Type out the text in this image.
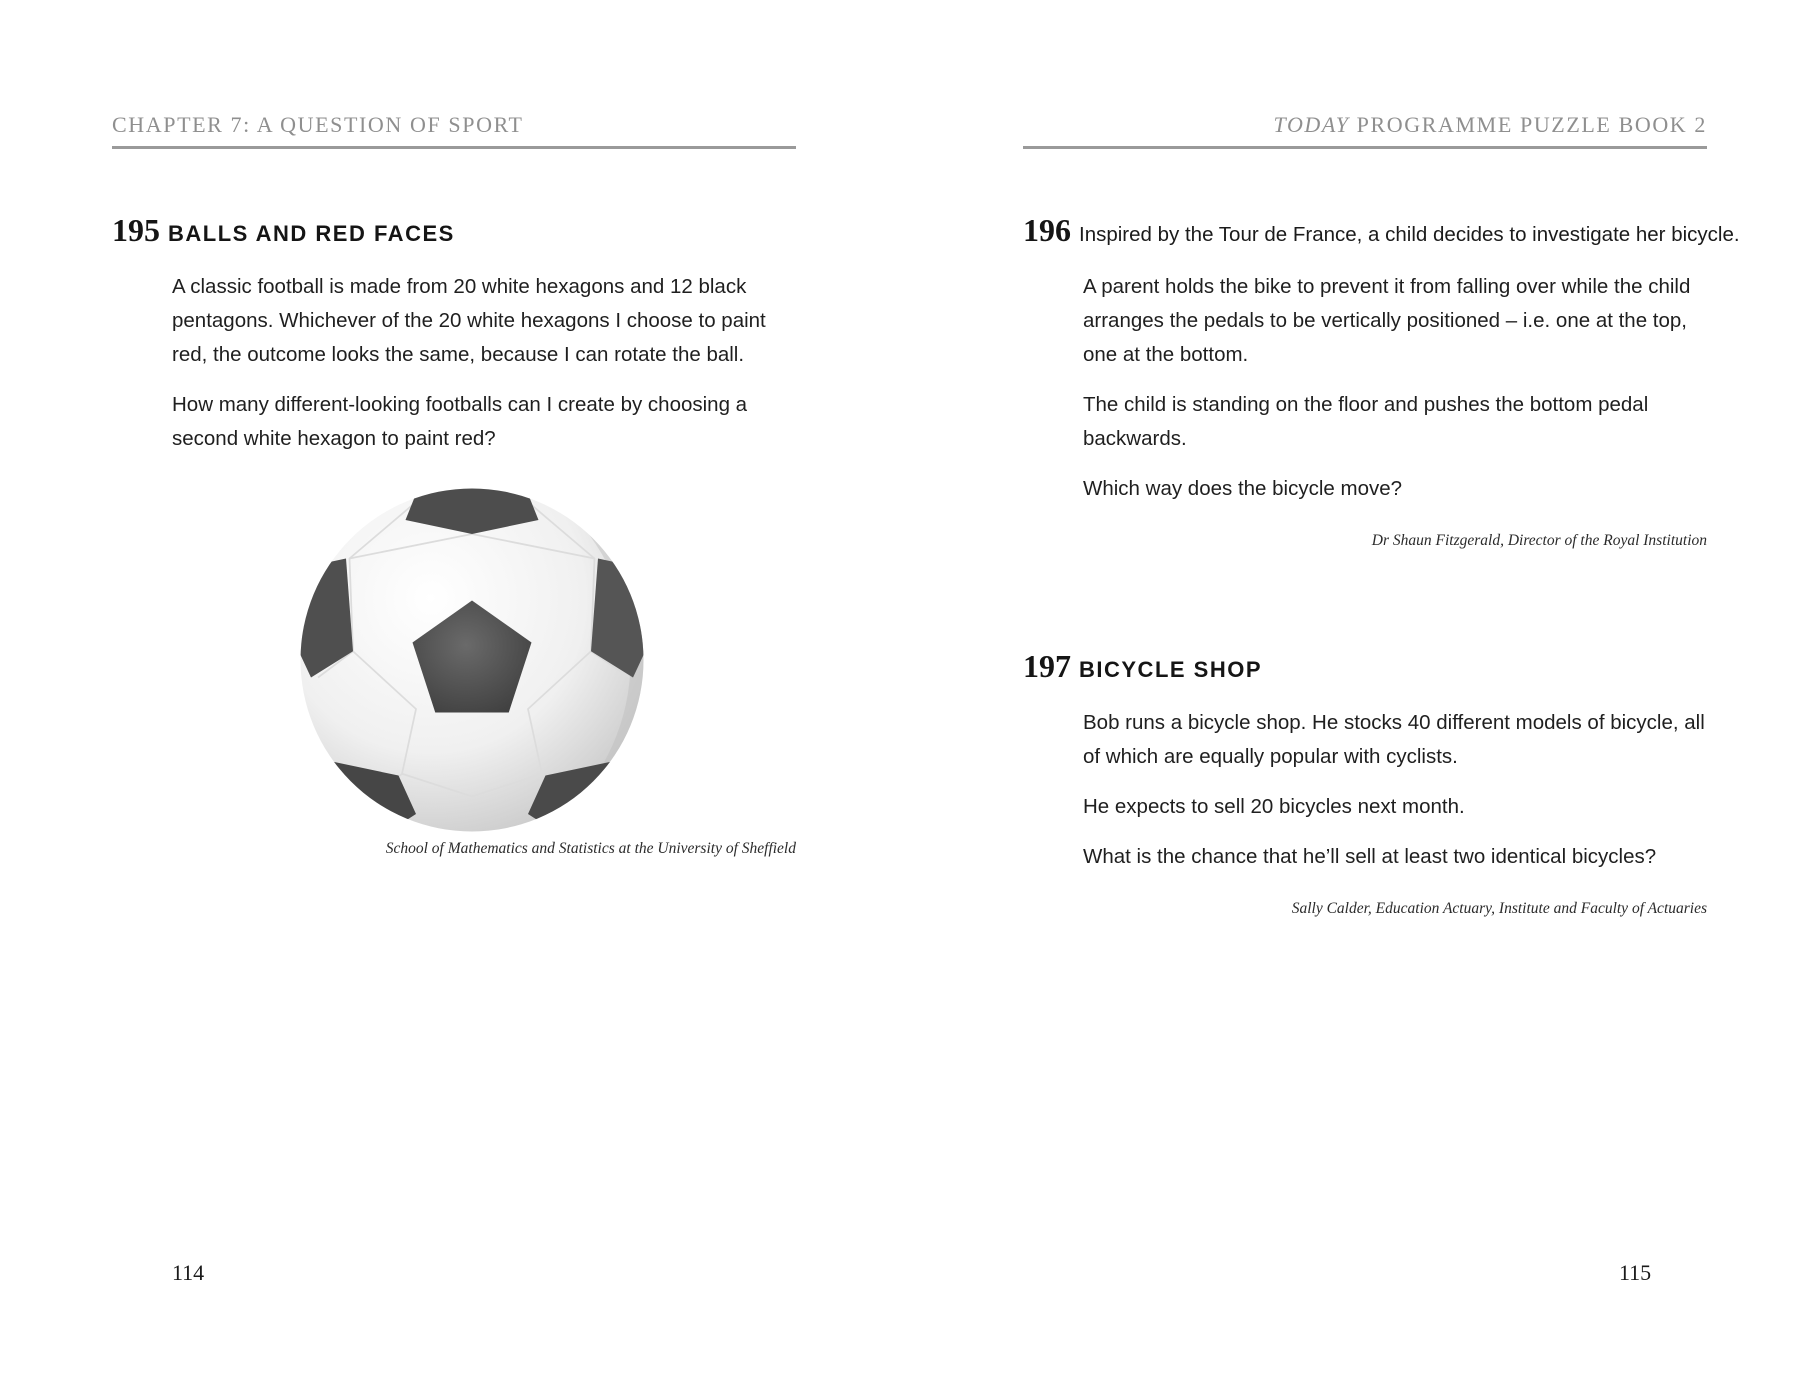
CHAPTER 7: A QUESTION OF SPORT
195 BALLS AND RED FACES

A classic football is made from 20 white hexagons and 12 black pentagons. Whichever of the 20 white hexagons I choose to paint red, the outcome looks the same, because I can rotate the ball.

How many different-looking footballs can I create by choosing a second white hexagon to paint red?

School of Mathematics and Statistics at the University of Sheffield
114
TODAY PROGRAMME PUZZLE BOOK 2
196 Inspired by the Tour de France, a child decides to investigate her bicycle.

A parent holds the bike to prevent it from falling over while the child arranges the pedals to be vertically positioned – i.e. one at the top, one at the bottom.

The child is standing on the floor and pushes the bottom pedal backwards.

Which way does the bicycle move?

Dr Shaun Fitzgerald, Director of the Royal Institution
197 BICYCLE SHOP

Bob runs a bicycle shop. He stocks 40 different models of bicycle, all of which are equally popular with cyclists.

He expects to sell 20 bicycles next month.

What is the chance that he’ll sell at least two identical bicycles?

Sally Calder, Education Actuary, Institute and Faculty of Actuaries
115
